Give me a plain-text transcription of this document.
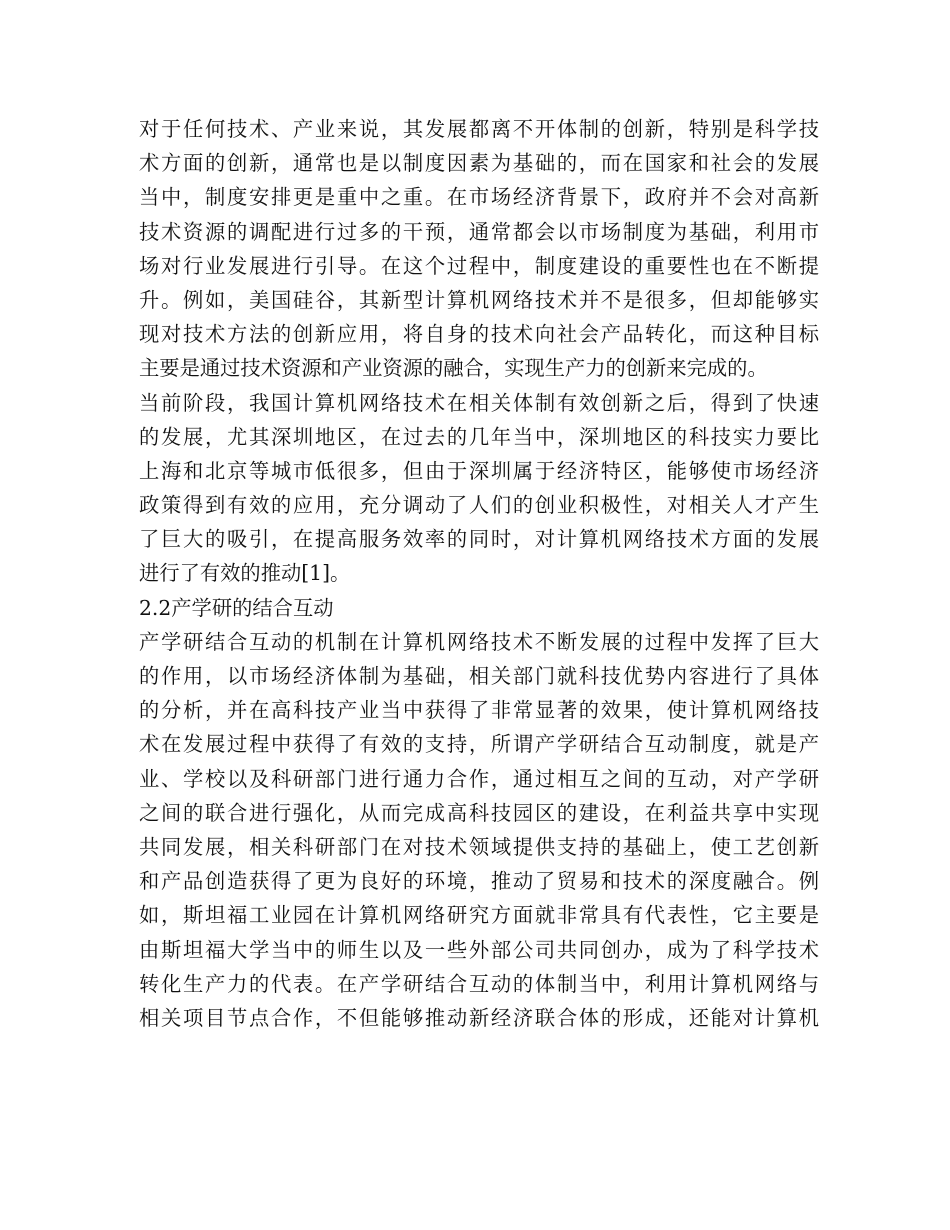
对于任何技术、产业来说，其发展都离不开体制的创新，特别是科学技
术方面的创新，通常也是以制度因素为基础的，而在国家和社会的发展
当中，制度安排更是重中之重。在市场经济背景下，政府并不会对高新
技术资源的调配进行过多的干预，通常都会以市场制度为基础，利用市
场对行业发展进行引导。在这个过程中，制度建设的重要性也在不断提
升。例如，美国硅谷，其新型计算机网络技术并不是很多，但却能够实
现对技术方法的创新应用，将自身的技术向社会产品转化，而这种目标
主要是通过技术资源和产业资源的融合，实现生产力的创新来完成的。
当前阶段，我国计算机网络技术在相关体制有效创新之后，得到了快速
的发展，尤其深圳地区，在过去的几年当中，深圳地区的科技实力要比
上海和北京等城市低很多，但由于深圳属于经济特区，能够使市场经济
政策得到有效的应用，充分调动了人们的创业积极性，对相关人才产生
了巨大的吸引，在提高服务效率的同时，对计算机网络技术方面的发展
进行了有效的推动[1]。
2.2产学研的结合互动
产学研结合互动的机制在计算机网络技术不断发展的过程中发挥了巨大
的作用，以市场经济体制为基础，相关部门就科技优势内容进行了具体
的分析，并在高科技产业当中获得了非常显著的效果，使计算机网络技
术在发展过程中获得了有效的支持，所谓产学研结合互动制度，就是产
业、学校以及科研部门进行通力合作，通过相互之间的互动，对产学研
之间的联合进行强化，从而完成高科技园区的建设，在利益共享中实现
共同发展，相关科研部门在对技术领域提供支持的基础上，使工艺创新
和产品创造获得了更为良好的环境，推动了贸易和技术的深度融合。例
如，斯坦福工业园在计算机网络研究方面就非常具有代表性，它主要是
由斯坦福大学当中的师生以及一些外部公司共同创办，成为了科学技术
转化生产力的代表。在产学研结合互动的体制当中，利用计算机网络与
相关项目节点合作，不但能够推动新经济联合体的形成，还能对计算机
